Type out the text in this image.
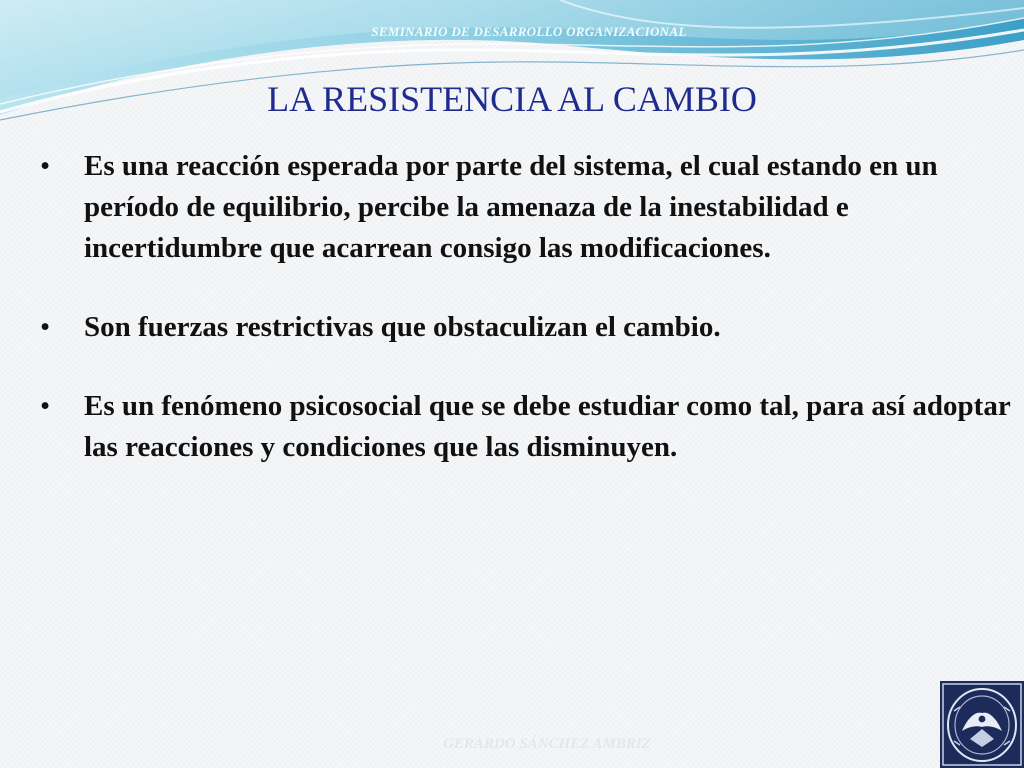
SEMINARIO DE DESARROLLO ORGANIZACIONAL
LA RESISTENCIA AL CAMBIO
• Es una reacción esperada por parte del sistema, el cual estando en un período de equilibrio, percibe la amenaza de la inestabilidad e incertidumbre que acarrean consigo las modificaciones.
• Son fuerzas restrictivas que obstaculizan el cambio.
• Es un fenómeno psicosocial que se debe estudiar como tal, para así adoptar las reacciones y condiciones que las disminuyen.
GERARDO SÁNCHEZ AMBRIZ
